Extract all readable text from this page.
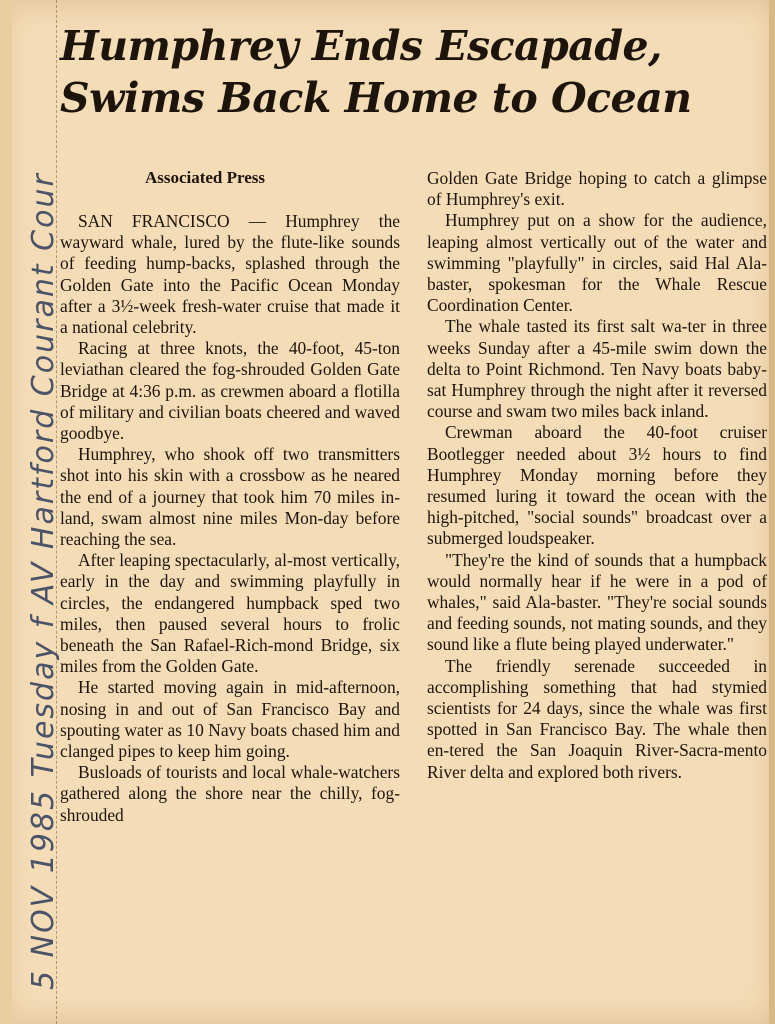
Humphrey Ends Escapade,
Swims Back Home to Ocean
Associated Press

SAN FRANCISCO — Humphrey the wayward whale, lured by the flute-like sounds of feeding hump-backs, splashed through the Golden Gate into the Pacific Ocean Monday after a 3½-week fresh-water cruise that made it a national celebrity.

Racing at three knots, the 40-foot, 45-ton leviathan cleared the fog-shrouded Golden Gate Bridge at 4:36 p.m. as crewmen aboard a flotilla of military and civilian boats cheered and waved goodbye.

Humphrey, who shook off two transmitters shot into his skin with a crossbow as he neared the end of a journey that took him 70 miles in-land, swam almost nine miles Mon-day before reaching the sea.

After leaping spectacularly, al-most vertically, early in the day and swimming playfully in circles, the endangered humpback sped two miles, then paused several hours to frolic beneath the San Rafael-Rich-mond Bridge, six miles from the Golden Gate.

He started moving again in mid-afternoon, nosing in and out of San Francisco Bay and spouting water as 10 Navy boats chased him and clanged pipes to keep him going.

Busloads of tourists and local whale-watchers gathered along the shore near the chilly, fog-shrouded

Golden Gate Bridge hoping to catch a glimpse of Humphrey's exit.

Humphrey put on a show for the audience, leaping almost vertically out of the water and swimming "playfully" in circles, said Hal Ala-baster, spokesman for the Whale Rescue Coordination Center.

The whale tasted its first salt wa-ter in three weeks Sunday after a 45-mile swim down the delta to Point Richmond. Ten Navy boats baby-sat Humphrey through the night after it reversed course and swam two miles back inland.

Crewman aboard the 40-foot cruiser Bootlegger needed about 3½ hours to find Humphrey Monday morning before they resumed luring it toward the ocean with the high-pitched, "social sounds" broadcast over a submerged loudspeaker.

"They're the kind of sounds that a humpback would normally hear if he were in a pod of whales," said Ala-baster. "They're social sounds and feeding sounds, not mating sounds, and they sound like a flute being played underwater."

The friendly serenade succeeded in accomplishing something that had stymied scientists for 24 days, since the whale was first spotted in San Francisco Bay. The whale then en-tered the San Joaquin River-Sacra-mento River delta and explored both rivers.

5 NOV 1985 Tuesday f AV Hartford Courant Cour
